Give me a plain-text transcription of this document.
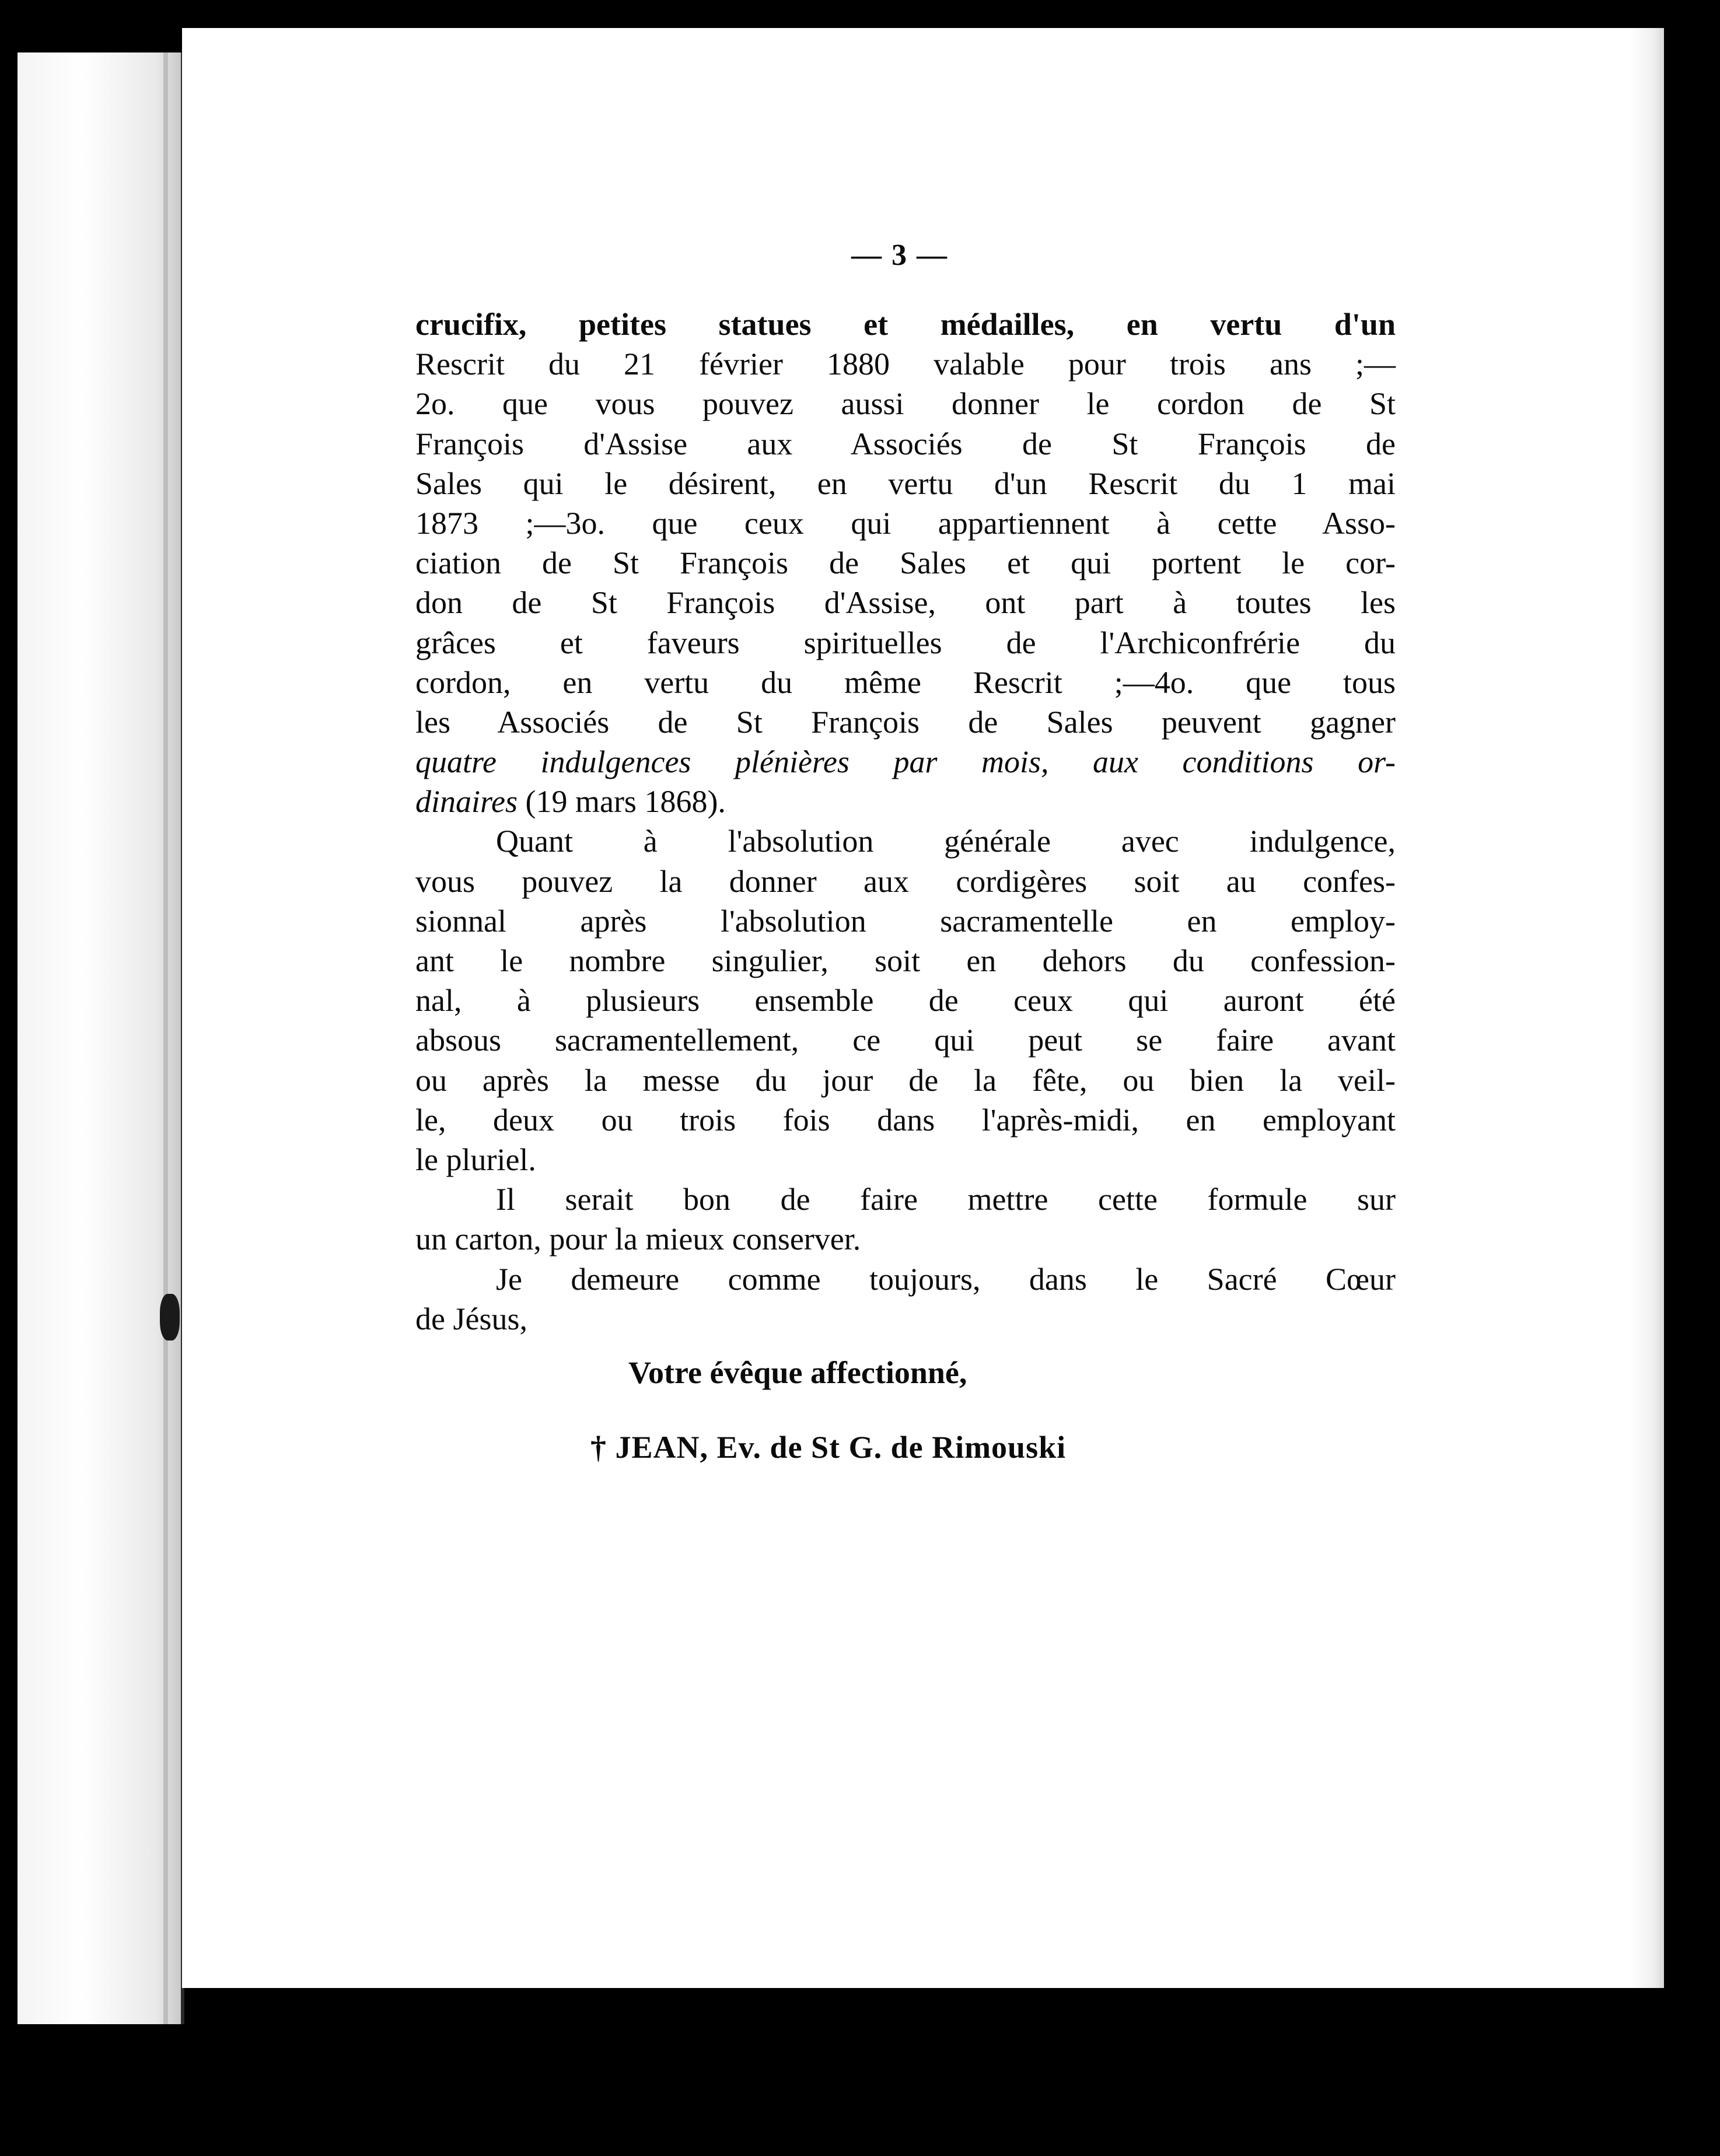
— 3 —
crucifix, petites statues et médailles, en vertu d'un
Rescrit du 21 février 1880 valable pour trois ans ;—
2o. que vous pouvez aussi donner le cordon de St
François d'Assise aux Associés de St François de
Sales qui le désirent, en vertu d'un Rescrit du 1 mai
1873 ;—3o. que ceux qui appartiennent à cette Asso-
ciation de St François de Sales et qui portent le cor-
don de St François d'Assise, ont part à toutes les
grâces et faveurs spirituelles de l'Archiconfrérie du
cordon, en vertu du même Rescrit ;—4o. que tous
les Associés de St François de Sales peuvent gagner
quatre indulgences plénières par mois, aux conditions or-
dinaires (19 mars 1868).
Quant à l'absolution générale avec indulgence,
vous pouvez la donner aux cordigères soit au confes-
sionnal après l'absolution sacramentelle en employ-
ant le nombre singulier, soit en dehors du confession-
nal, à plusieurs ensemble de ceux qui auront été
absous sacramentellement, ce qui peut se faire avant
ou après la messe du jour de la fête, ou bien la veil-
le, deux ou trois fois dans l'après-midi, en employant
le pluriel.
Il serait bon de faire mettre cette formule sur
un carton, pour la mieux conserver.
Je demeure comme toujours, dans le Sacré Cœur
de Jésus,
Votre évêque affectionné,
† JEAN, Ev. de St G. de Rimouski
